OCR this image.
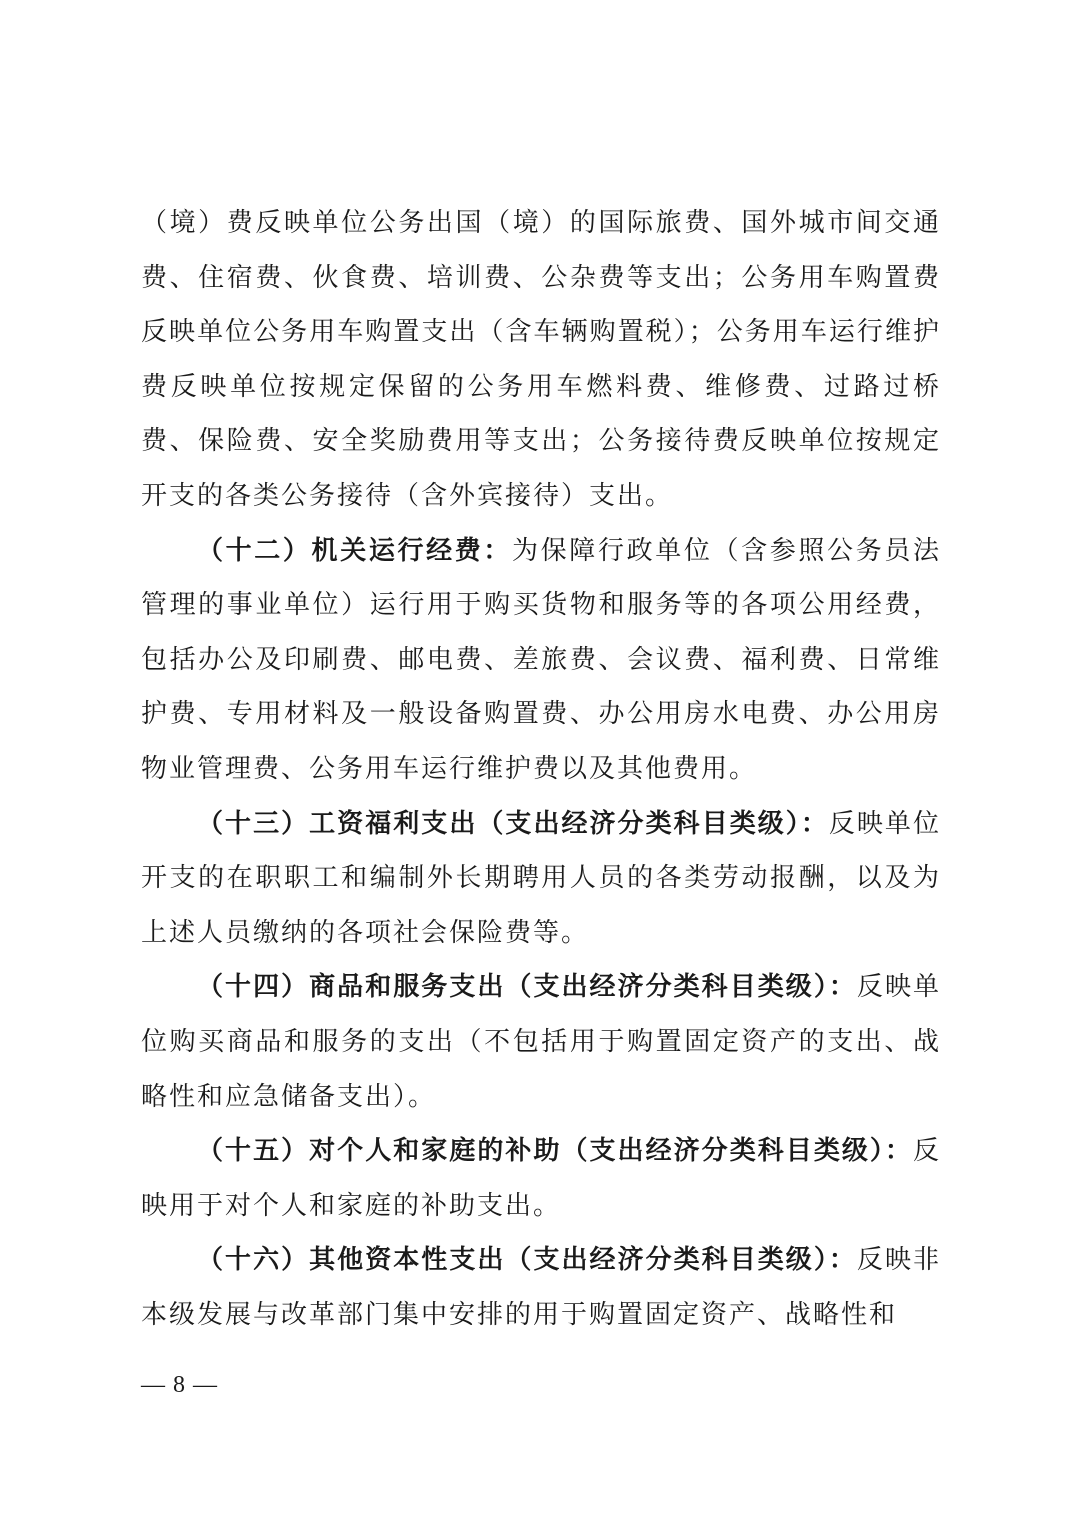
（境）费反映单位公务出国（境）的国际旅费、国外城市间交通费、住宿费、伙食费、培训费、公杂费等支出；公务用车购置费反映单位公务用车购置支出（含车辆购置税）；公务用车运行维护费反映单位按规定保留的公务用车燃料费、维修费、过路过桥费、保险费、安全奖励费用等支出；公务接待费反映单位按规定开支的各类公务接待（含外宾接待）支出。

（十二）机关运行经费：为保障行政单位（含参照公务员法管理的事业单位）运行用于购买货物和服务等的各项公用经费，包括办公及印刷费、邮电费、差旅费、会议费、福利费、日常维护费、专用材料及一般设备购置费、办公用房水电费、办公用房物业管理费、公务用车运行维护费以及其他费用。

（十三）工资福利支出（支出经济分类科目类级）：反映单位开支的在职职工和编制外长期聘用人员的各类劳动报酬，以及为上述人员缴纳的各项社会保险费等。

（十四）商品和服务支出（支出经济分类科目类级）：反映单位购买商品和服务的支出（不包括用于购置固定资产的支出、战略性和应急储备支出）。

（十五）对个人和家庭的补助（支出经济分类科目类级）：反映用于对个人和家庭的补助支出。

（十六）其他资本性支出（支出经济分类科目类级）：反映非本级发展与改革部门集中安排的用于购置固定资产、战略性和

— 8 —
